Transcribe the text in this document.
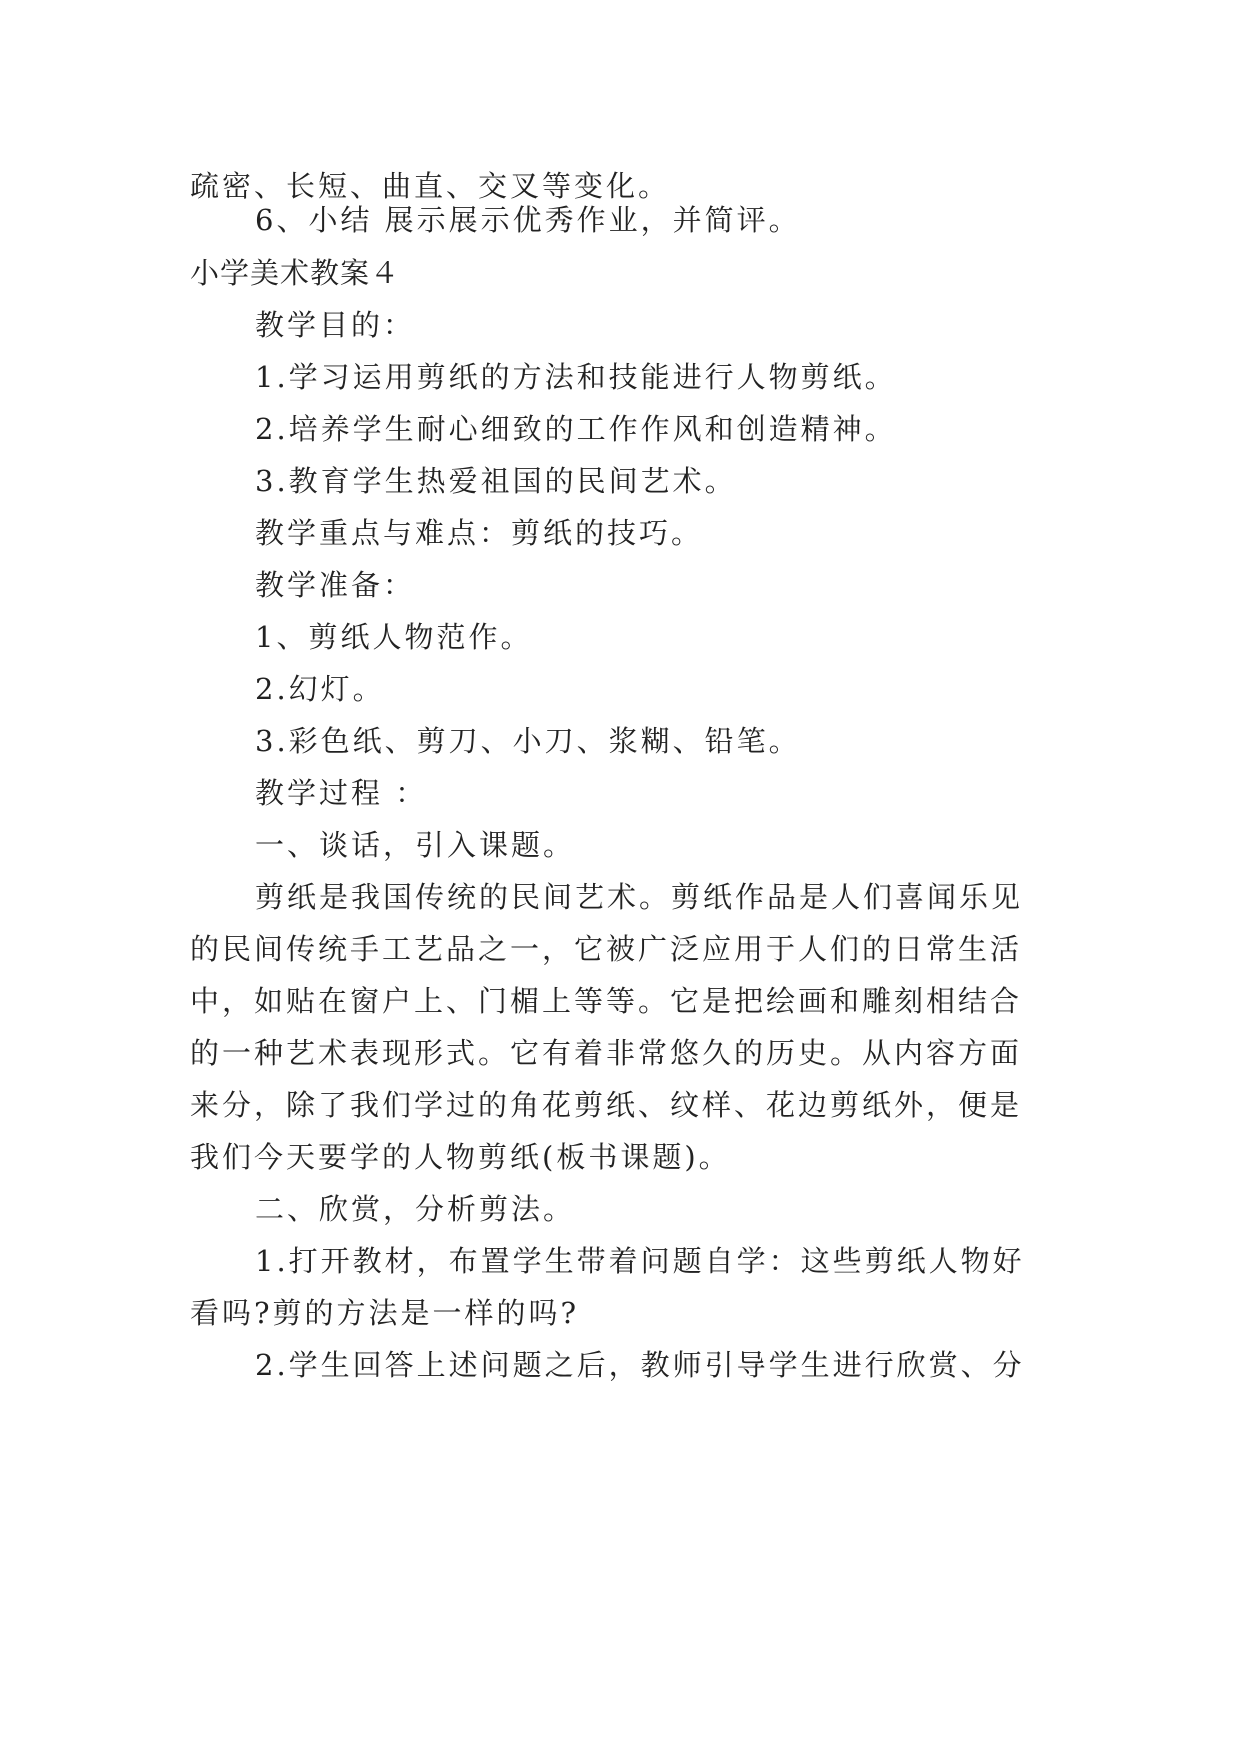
疏密、长短、曲直、交叉等变化。
6、小结 展示展示优秀作业，并简评。
小学美术教案４
教学目的：
1.学习运用剪纸的方法和技能进行人物剪纸。
2.培养学生耐心细致的工作作风和创造精神。
3.教育学生热爱祖国的民间艺术。
教学重点与难点：剪纸的技巧。
教学准备：
1、剪纸人物范作。
2.幻灯。
3.彩色纸、剪刀、小刀、浆糊、铅笔。
教学过程 ：
一、谈话，引入课题。
剪纸是我国传统的民间艺术。剪纸作品是人们喜闻乐见
的民间传统手工艺品之一，它被广泛应用于人们的日常生活
中，如贴在窗户上、门楣上等等。它是把绘画和雕刻相结合
的一种艺术表现形式。它有着非常悠久的历史。从内容方面
来分，除了我们学过的角花剪纸、纹样、花边剪纸外，便是
我们今天要学的人物剪纸(板书课题)。
二、欣赏，分析剪法。
1.打开教材，布置学生带着问题自学：这些剪纸人物好
看吗?剪的方法是一样的吗?
2.学生回答上述问题之后，教师引导学生进行欣赏、分
